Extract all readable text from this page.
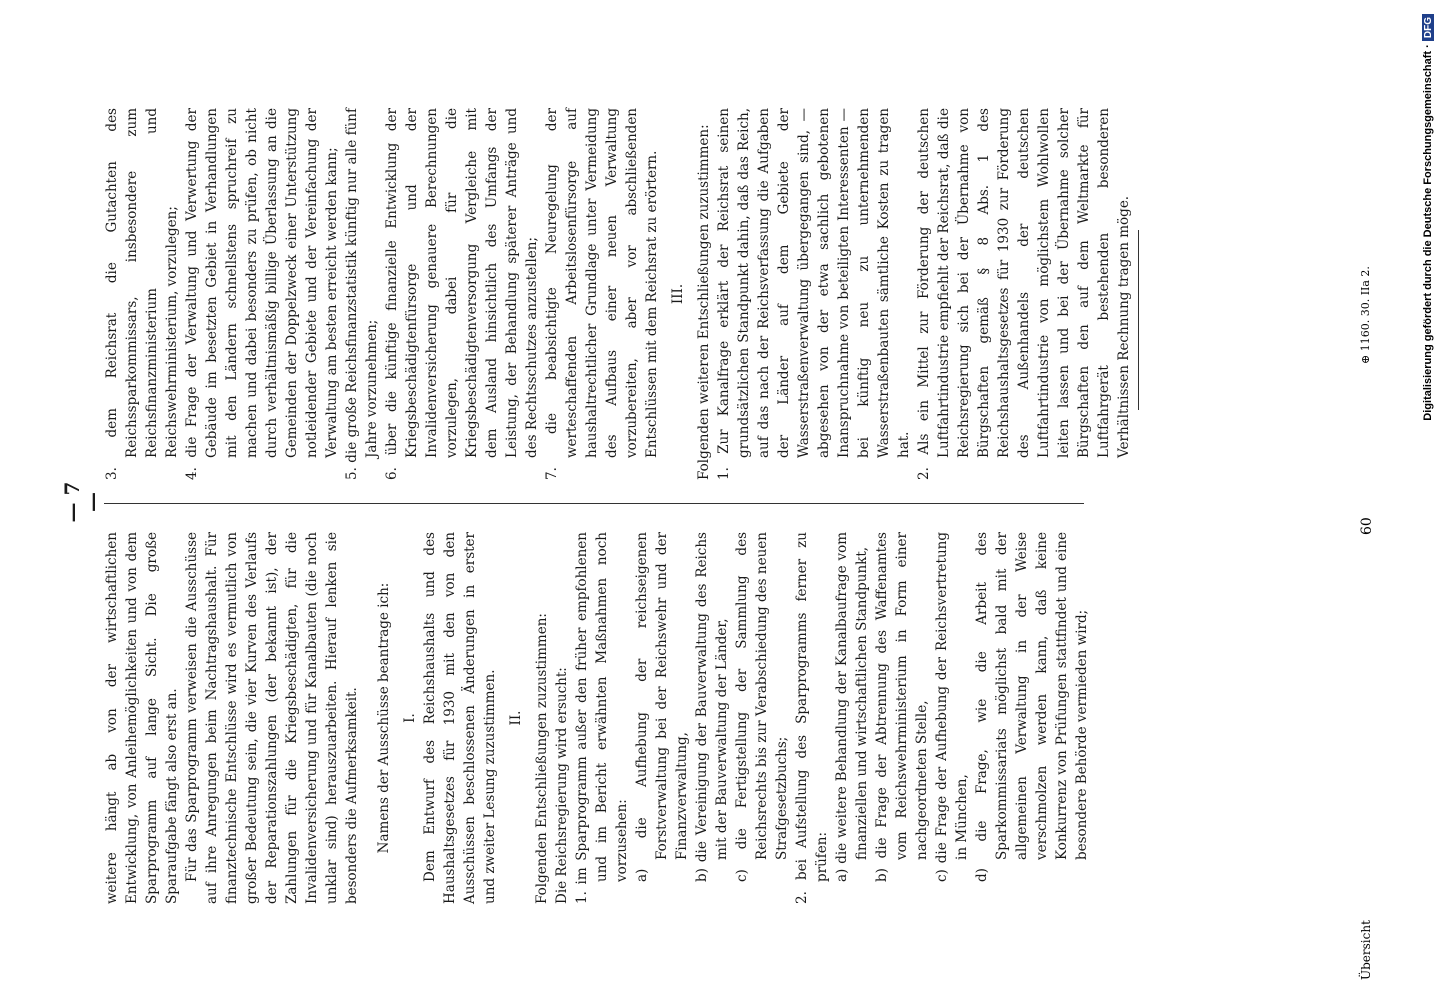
— 7 —

weitere hängt ab von der wirtschaftlichen Entwicklung, von Anleihemöglichkeiten und von dem Sparprogramm auf lange Sicht. Die große Sparaufgabe fängt also erst an. Für das Sparprogramm verweisen die Ausschüsse auf ihre Anregungen beim Nachtragshaushalt. Für finanztechnische Entschlüsse wird es vermutlich von großer Bedeutung sein, die vier Kurven des Verlaufs der Reparationszahlungen (der bekannt ist), der Zahlungen für die Kriegsbeschädigten, für die Invalidenversicherung und für Kanalbauten (die noch unklar sind) herauszuarbeiten. Hierauf lenken sie besonders die Aufmerksamkeit. Namens der Ausschüsse beantrage ich: I. Dem Entwurf des Reichshaushalts und des Haushaltsgesetzes für 1930 mit den von den Ausschüssen beschlossenen Änderungen in erster und zweiter Lesung zuzustimmen. II. Folgenden Entschließungen zuzustimmen: Die Reichsregierung wird ersucht: 1. im Sparprogramm außer den früher empfohlenen und im Bericht erwähnten Maßnahmen noch vorzusehen: a) die Aufhebung der reichseigenen Forstverwaltung bei der Reichswehr und der Finanzverwaltung, b) die Vereinigung der Bauverwaltung des Reichs mit der Bauverwaltung der Länder, c) die Fertigstellung der Sammlung des Reichsrechts bis zur Verabschiedung des neuen Strafgesetzbuchs; 2. bei Aufstellung des Sparprogramms ferner zu prüfen: a) die weitere Behandlung der Kanalbaufrage vom finanziellen und wirtschaftlichen Standpunkt, b) die Frage der Abtrennung des Waffenamtes vom Reichswehrministerium in Form einer nachgeordneten Stelle, c) die Frage der Aufhebung der Reichsvertretung in München, d) die Frage, wie die Arbeit des Sparkommissariats möglichst bald mit der allgemeinen Verwaltung in der Weise verschmolzen werden kann, daß keine Konkurrenz von Prüfungen stattfindet und eine besondere Behörde vermieden wird;

3. dem Reichsrat die Gutachten des Reichssparkommissars, insbesondere zum Reichsfinanzministerium und Reichswehrministerium, vorzulegen; 4. die Frage der Verwaltung und Verwertung der Gebäude im besetzten Gebiet in Verhandlungen mit den Ländern schnellstens spruchreif zu machen und dabei besonders zu prüfen, ob nicht durch verhältnismäßig billige Überlassung an die Gemeinden der Doppelzweck einer Unterstützung notleidender Gebiete und der Vereinfachung der Verwaltung am besten erreicht werden kann; 5. die große Reichsfinanzstatistik künftig nur alle fünf Jahre vorzunehmen; 6. über die künftige finanzielle Entwicklung der Kriegsbeschädigtenfürsorge und der Invalidenversicherung genauere Berechnungen vorzulegen, dabei für die Kriegsbeschädigtenversorgung Vergleiche mit dem Ausland hinsichtlich des Umfangs der Leistung, der Behandlung späterer Anträge und des Rechtsschutzes anzustellen; 7. die beabsichtigte Neuregelung der werteschaffenden Arbeitslosenfürsorge auf haushaltrechtlicher Grundlage unter Vermeidung des Aufbaus einer neuen Verwaltung vorzubereiten, aber vor abschließenden Entschlüssen mit dem Reichsrat zu erörtern. III. Folgenden weiteren Entschließungen zuzustimmen: 1. Zur Kanalfrage erklärt der Reichsrat seinen grundsätzlichen Standpunkt dahin, daß das Reich, auf das nach der Reichsverfassung die Aufgaben der Länder auf dem Gebiete der Wasserstraßenverwaltung übergegangen sind, — abgesehen von der etwa sachlich gebotenen Inanspruchnahme von beteiligten Interessenten — bei künftig neu zu unternehmenden Wasserstraßenbauten sämtliche Kosten zu tragen hat. 2. Als ein Mittel zur Förderung der deutschen Luftfahrtindustrie empfiehlt der Reichsrat, daß die Reichsregierung sich bei der Übernahme von Bürgschaften gemäß § 8 Abs. 1 des Reichshaushaltsgesetzes für 1930 zur Förderung des Außenhandels der deutschen Luftfahrtindustrie von möglichstem Wohlwollen leiten lassen und bei der Übernahme solcher Bürgschaften den auf dem Weltmarkte für Luftfahrgerät bestehenden besonderen Verhältnissen Rechnung tragen möge.

Übersicht
60
⊕ 1160. 30. IIa 2.	Digitalisierung gefördert durch die Deutsche Forschungsgemeinschaft · DFG
